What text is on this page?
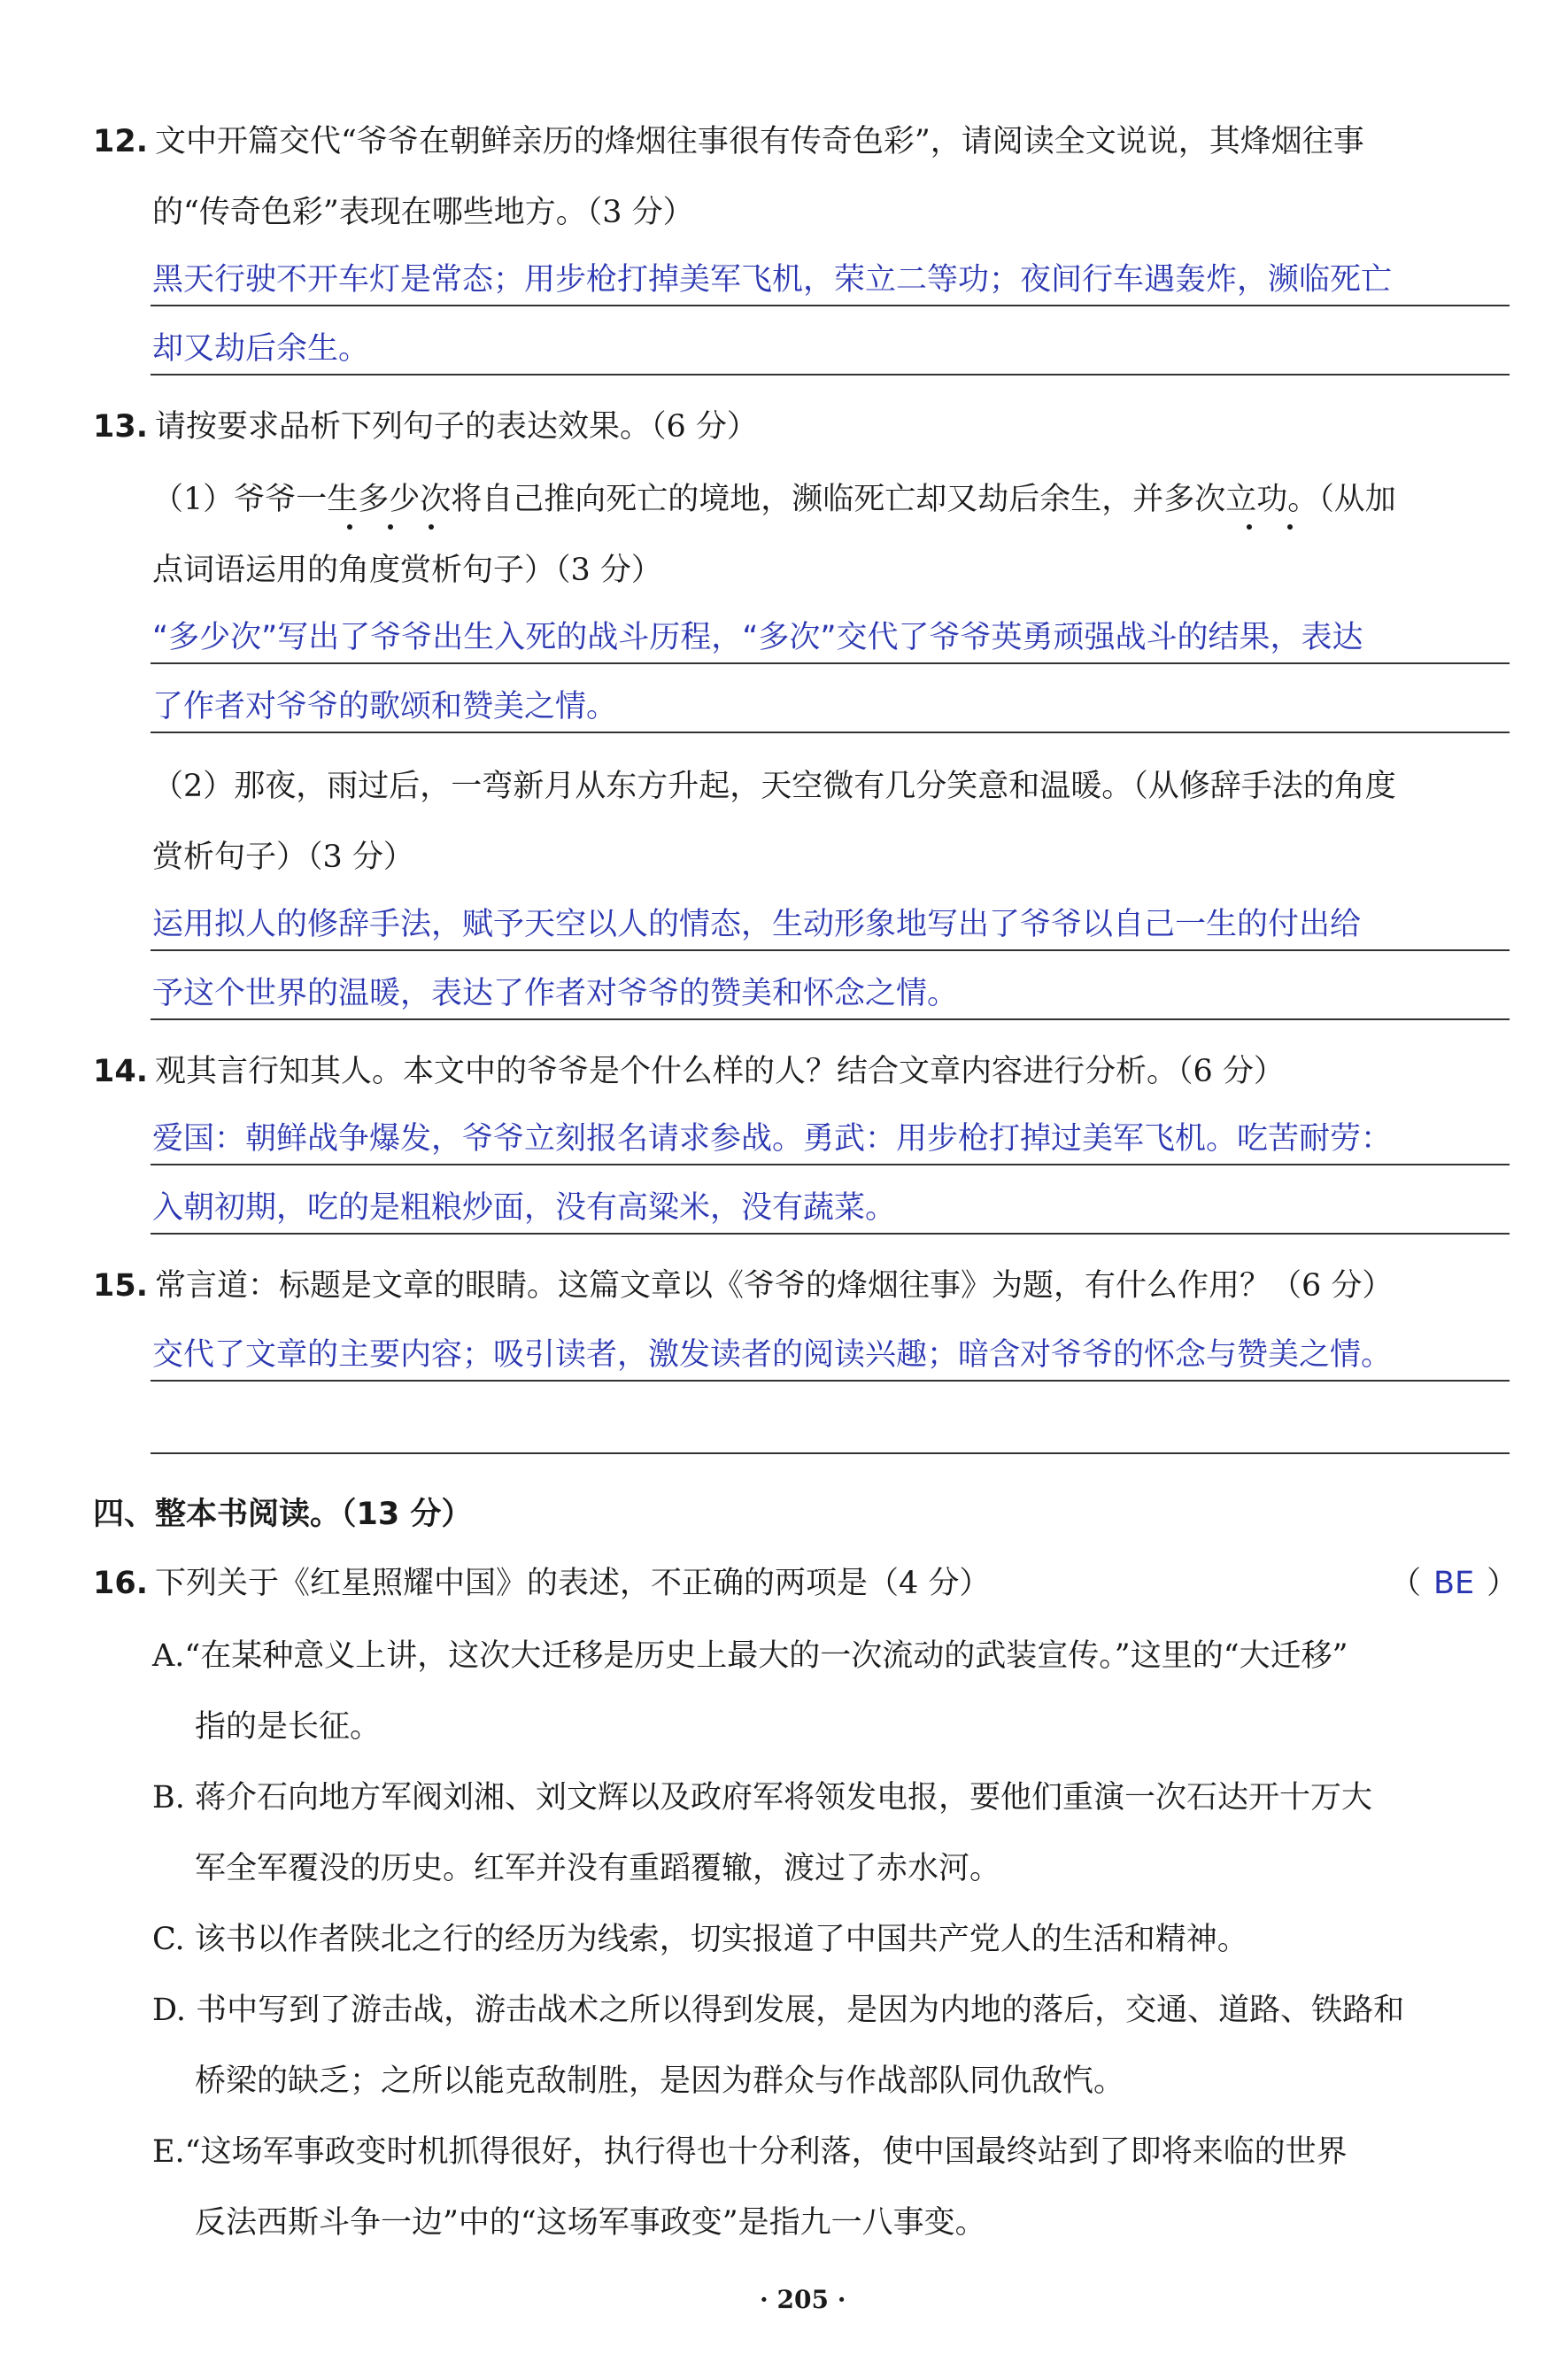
12. 文中开篇交代“爷爷在朝鲜亲历的烽烟往事很有传奇色彩”，请阅读全文说说，其烽烟往事
的“传奇色彩”表现在哪些地方。（3 分）
黑天行驶不开车灯是常态；用步枪打掉美军飞机，荣立二等功；夜间行车遇轰炸，濒临死亡
却又劫后余生。
13. 请按要求品析下列句子的表达效果。（6 分）
（1）爷爷一生多少次将自己推向死亡的境地，濒临死亡却又劫后余生，并多次立功。（从加
点词语运用的角度赏析句子）（3 分）
“多少次”写出了爷爷出生入死的战斗历程，“多次”交代了爷爷英勇顽强战斗的结果，表达
了作者对爷爷的歌颂和赞美之情。
（2）那夜，雨过后，一弯新月从东方升起，天空微有几分笑意和温暖。（从修辞手法的角度
赏析句子）（3 分）
运用拟人的修辞手法，赋予天空以人的情态，生动形象地写出了爷爷以自己一生的付出给
予这个世界的温暖，表达了作者对爷爷的赞美和怀念之情。
14. 观其言行知其人。本文中的爷爷是个什么样的人？结合文章内容进行分析。（6 分）
爱国：朝鲜战争爆发，爷爷立刻报名请求参战。勇武：用步枪打掉过美军飞机。吃苦耐劳：
入朝初期，吃的是粗粮炒面，没有高粱米，没有蔬菜。
15. 常言道：标题是文章的眼睛。这篇文章以《爷爷的烽烟往事》为题，有什么作用？（6 分）
交代了文章的主要内容；吸引读者，激发读者的阅读兴趣；暗含对爷爷的怀念与赞美之情。
四、整本书阅读。（13 分）
16. 下列关于《红星照耀中国》的表述，不正确的两项是（4 分）	（ BE ）
A.“在某种意义上讲，这次大迁移是历史上最大的一次流动的武装宣传。”这里的“大迁移”
指的是长征。
B. 蒋介石向地方军阀刘湘、刘文辉以及政府军将领发电报，要他们重演一次石达开十万大
军全军覆没的历史。红军并没有重蹈覆辙，渡过了赤水河。
C. 该书以作者陕北之行的经历为线索，切实报道了中国共产党人的生活和精神。
D. 书中写到了游击战，游击战术之所以得到发展，是因为内地的落后，交通、道路、铁路和
桥梁的缺乏；之所以能克敌制胜，是因为群众与作战部队同仇敌忾。
E.“这场军事政变时机抓得很好，执行得也十分利落，使中国最终站到了即将来临的世界
反法西斯斗争一边”中的“这场军事政变”是指九一八事变。
· 205 ·
